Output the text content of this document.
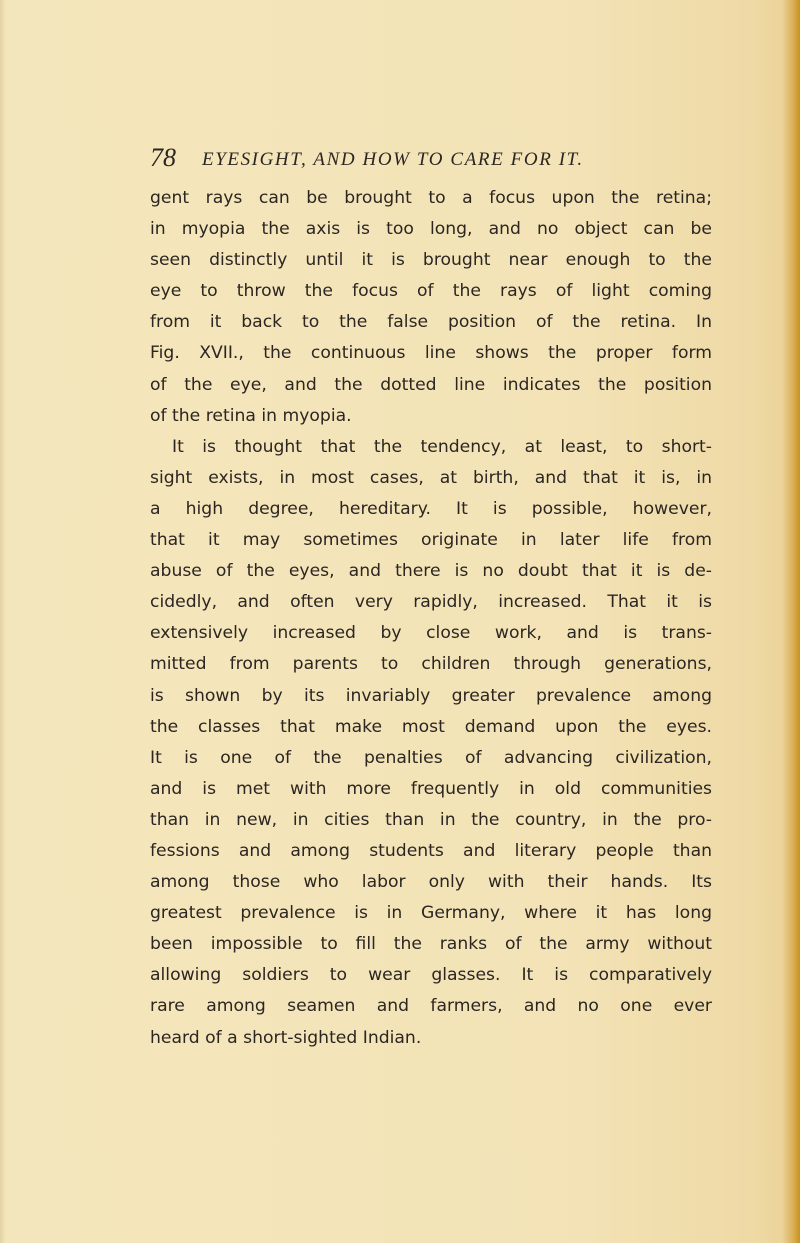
78 EYESIGHT, AND HOW TO CARE FOR IT.
gent rays can be brought to a focus upon the retina;
in myopia the axis is too long, and no object can be
seen distinctly until it is brought near enough to the
eye to throw the focus of the rays of light coming
from it back to the false position of the retina. In
Fig. XVII., the continuous line shows the proper form
of the eye, and the dotted line indicates the position
of the retina in myopia.
It is thought that the tendency, at least, to short-
sight exists, in most cases, at birth, and that it is, in
a high degree, hereditary. It is possible, however,
that it may sometimes originate in later life from
abuse of the eyes, and there is no doubt that it is de-
cidedly, and often very rapidly, increased. That it is
extensively increased by close work, and is trans-
mitted from parents to children through generations,
is shown by its invariably greater prevalence among
the classes that make most demand upon the eyes.
It is one of the penalties of advancing civilization,
and is met with more frequently in old communities
than in new, in cities than in the country, in the pro-
fessions and among students and literary people than
among those who labor only with their hands. Its
greatest prevalence is in Germany, where it has long
been impossible to fill the ranks of the army without
allowing soldiers to wear glasses. It is comparatively
rare among seamen and farmers, and no one ever
heard of a short-sighted Indian.
